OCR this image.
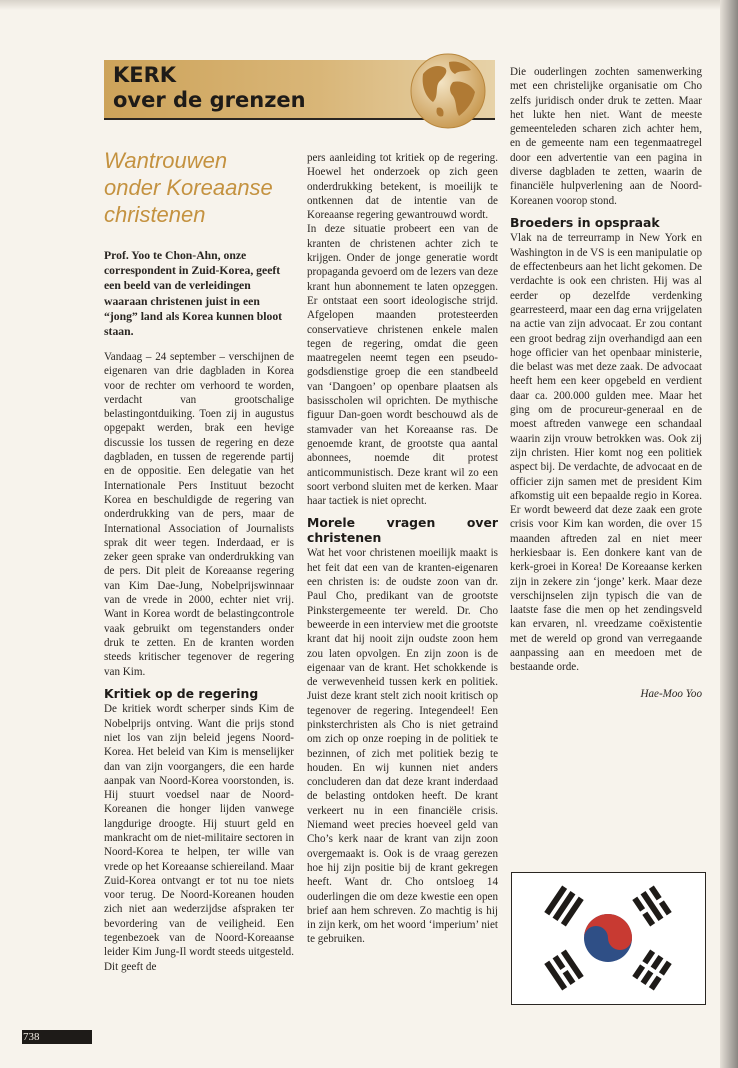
KERK
over de grenzen
Wantrouwen
onder Koreaanse
christenen

Prof. Yoo te Chon-Ahn, onze correspondent in Zuid-Korea, geeft een beeld van de verleidingen waaraan christenen juist in een “jong” land als Korea kunnen bloot staan.

Vandaag – 24 september – verschijnen de eigenaren van drie dagbladen in Korea voor de rechter om verhoord te worden, verdacht van grootschalige belastingontduiking. Toen zij in augustus opgepakt werden, brak een hevige discussie los tussen de regering en deze dagbladen, en tussen de regerende partij en de oppositie. Een delegatie van het Internationale Pers Instituut bezocht Korea en beschuldigde de regering van onderdrukking van de pers, maar de International Association of Journalists sprak dit weer tegen. Inderdaad, er is zeker geen sprake van onderdrukking van de pers. Dit pleit de Koreaanse regering van Kim Dae-Jung, Nobelprijswinnaar van de vrede in 2000, echter niet vrij. Want in Korea wordt de belastingcontrole vaak gebruikt om tegenstanders onder druk te zetten. En de kranten worden steeds kritischer tegenover de regering van Kim.

Kritiek op de regering

De kritiek wordt scherper sinds Kim de Nobelprijs ontving. Want die prijs stond niet los van zijn beleid jegens Noord-Korea. Het beleid van Kim is menselijker dan van zijn voorgangers, die een harde aanpak van Noord-Korea voorstonden, is. Hij stuurt voedsel naar de Noord-Koreanen die honger lijden vanwege langdurige droogte. Hij stuurt geld en mankracht om de niet-militaire sectoren in Noord-Korea te helpen, ter wille van vrede op het Koreaanse schiereiland. Maar Zuid-Korea ontvangt er tot nu toe niets voor terug. De Noord-Koreanen houden zich niet aan wederzijdse afspraken ter bevordering van de veiligheid. Een tegenbezoek van de Noord-Koreaanse leider Kim Jung-Il wordt steeds uitgesteld. Dit geeft de

pers aanleiding tot kritiek op de regering. Hoewel het onderzoek op zich geen onderdrukking betekent, is moeilijk te ontkennen dat de intentie van de Koreaanse regering gewantrouwd wordt.

In deze situatie probeert een van de kranten de christenen achter zich te krijgen. Onder de jonge generatie wordt propaganda gevoerd om de lezers van deze krant hun abonnement te laten opzeggen. Er ontstaat een soort ideologische strijd. Afgelopen maanden protesteerden conservatieve christenen enkele malen tegen de regering, omdat die geen maatregelen neemt tegen een pseudo-godsdienstige groep die een standbeeld van ‘Dangoen’ op openbare plaatsen als basisscholen wil oprichten. De mythische figuur Dan-goen wordt beschouwd als de stamvader van het Koreaanse ras. De genoemde krant, de grootste qua aantal abonnees, noemde dit protest anticommunistisch. Deze krant wil zo een soort verbond sluiten met de kerken. Maar haar tactiek is niet oprecht.

Morele vragen over christenen

Wat het voor christenen moeilijk maakt is het feit dat een van de kranten-eigenaren een christen is: de oudste zoon van dr. Paul Cho, predikant van de grootste Pinkstergemeente ter wereld. Dr. Cho beweerde in een interview met die grootste krant dat hij nooit zijn oudste zoon hem zou laten opvolgen. En zijn zoon is de eigenaar van de krant. Het schokkende is de verwevenheid tussen kerk en politiek. Juist deze krant stelt zich nooit kritisch op tegenover de regering. Integendeel! Een pinksterchristen als Cho is niet getraind om zich op onze roeping in de politiek te bezinnen, of zich met politiek bezig te houden. En wij kunnen niet anders concluderen dan dat deze krant inderdaad de belasting ontdoken heeft. De krant verkeert nu in een financiële crisis. Niemand weet precies hoeveel geld van Cho’s kerk naar de krant van zijn zoon overgemaakt is. Ook is de vraag gerezen hoe hij zijn positie bij de krant gekregen heeft. Want dr. Cho ontsloeg 14 ouderlingen die om deze kwestie een open brief aan hem schreven. Zo machtig is hij in zijn kerk, om het woord ‘imperium’ niet te gebruiken.

Die ouderlingen zochten samenwerking met een christelijke organisatie om Cho zelfs juridisch onder druk te zetten. Maar het lukte hen niet. Want de meeste gemeenteleden scharen zich achter hem, en de gemeente nam een tegenmaatregel door een advertentie van een pagina in diverse dagbladen te zetten, waarin de financiële hulpverlening aan de Noord-Koreanen voorop stond.

Broeders in opspraak

Vlak na de terreurramp in New York en Washington in de VS is een manipulatie op de effectenbeurs aan het licht gekomen. De verdachte is ook een christen. Hij was al eerder op dezelfde verdenking gearresteerd, maar een dag erna vrijgelaten na actie van zijn advocaat. Er zou contant een groot bedrag zijn overhandigd aan een hoge officier van het openbaar ministerie, die belast was met deze zaak. De advocaat heeft hem een keer opgebeld en verdient daar ca. 200.000 gulden mee. Maar het ging om de procureur-generaal en de moest aftreden vanwege een schandaal waarin zijn vrouw betrokken was. Ook zij zijn christen. Hier komt nog een politiek aspect bij. De verdachte, de advocaat en de officier zijn samen met de president Kim afkomstig uit een bepaalde regio in Korea. Er wordt beweerd dat deze zaak een grote crisis voor Kim kan worden, die over 15 maanden aftreden zal en niet meer herkiesbaar is. Een donkere kant van de kerk-groei in Korea! De Koreaanse kerken zijn in zekere zin ‘jonge’ kerk. Maar deze verschijnselen zijn typisch die van de laatste fase die men op het zendingsveld kan ervaren, nl. vreedzame coëxistentie met de wereld op grond van verregaande aanpassing aan en meedoen met de bestaande orde.

Hae-Moo Yoo

738
